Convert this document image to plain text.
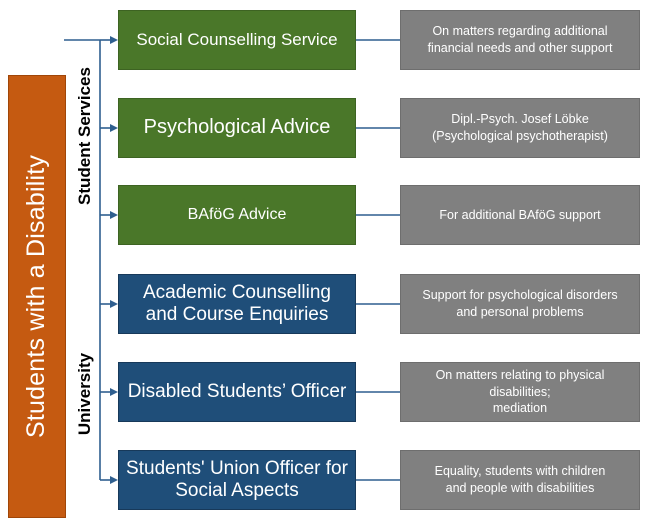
Students with a Disability
Student Services
University
Social Counselling Service	On matters regarding additional
financial needs and other support
Psychological Advice	Dipl.-Psych. Josef Löbke
(Psychological psychotherapist)
BAföG Advice	For additional BAföG support
Academic Counselling and Course Enquiries
Support for psychological disorders
and personal problems
Disabled Students’ Officer
On matters relating to physical
disabilities;
mediation
Students' Union Officer for Social Aspects
Equality, students with children
and people with disabilities
